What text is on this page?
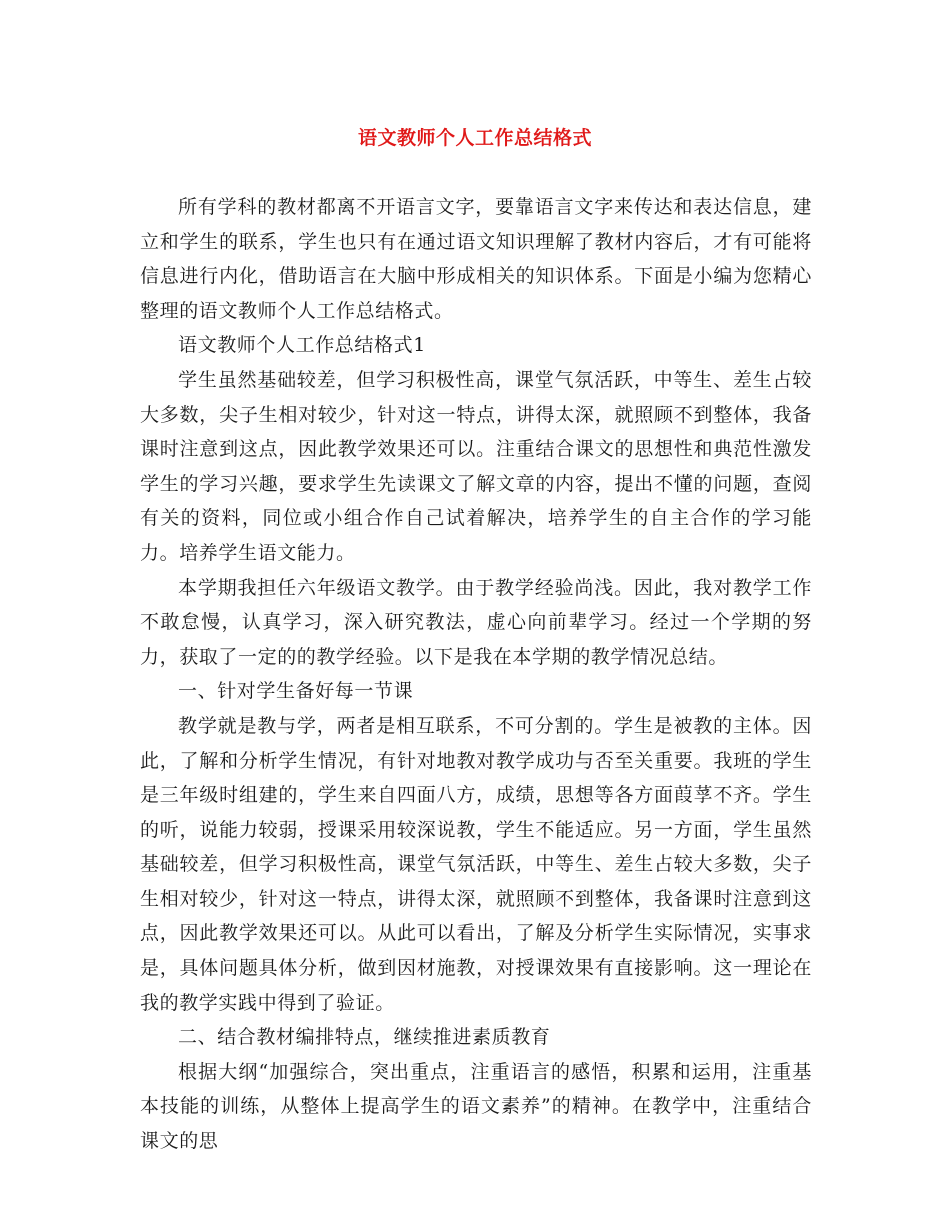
语文教师个人工作总结格式

所有学科的教材都离不开语言文字，要靠语言文字来传达和表达信息，建立和学生的联系，学生也只有在通过语文知识理解了教材内容后，才有可能将信息进行内化，借助语言在大脑中形成相关的知识体系。下面是小编为您精心整理的语文教师个人工作总结格式。

语文教师个人工作总结格式1

学生虽然基础较差，但学习积极性高，课堂气氛活跃，中等生、差生占较大多数，尖子生相对较少，针对这一特点，讲得太深，就照顾不到整体，我备课时注意到这点，因此教学效果还可以。注重结合课文的思想性和典范性激发学生的学习兴趣，要求学生先读课文了解文章的内容，提出不懂的问题，查阅有关的资料，同位或小组合作自己试着解决，培养学生的自主合作的学习能力。培养学生语文能力。

本学期我担任六年级语文教学。由于教学经验尚浅。因此，我对教学工作不敢怠慢，认真学习，深入研究教法，虚心向前辈学习。经过一个学期的努力，获取了一定的的教学经验。以下是我在本学期的教学情况总结。

一、针对学生备好每一节课

教学就是教与学，两者是相互联系，不可分割的。学生是被教的主体。因此，了解和分析学生情况，有针对地教对教学成功与否至关重要。我班的学生是三年级时组建的，学生来自四面八方，成绩，思想等各方面葭莩不齐。学生的听，说能力较弱，授课采用较深说教，学生不能适应。另一方面，学生虽然基础较差，但学习积极性高，课堂气氛活跃，中等生、差生占较大多数，尖子生相对较少，针对这一特点，讲得太深，就照顾不到整体，我备课时注意到这点，因此教学效果还可以。从此可以看出，了解及分析学生实际情况，实事求是，具体问题具体分析，做到因材施教，对授课效果有直接影响。这一理论在我的教学实践中得到了验证。

二、结合教材编排特点，继续推进素质教育

根据大纲“加强综合，突出重点，注重语言的感悟，积累和运用，注重基本技能的训练，从整体上提高学生的语文素养”的精神。在教学中，注重结合课文的思
